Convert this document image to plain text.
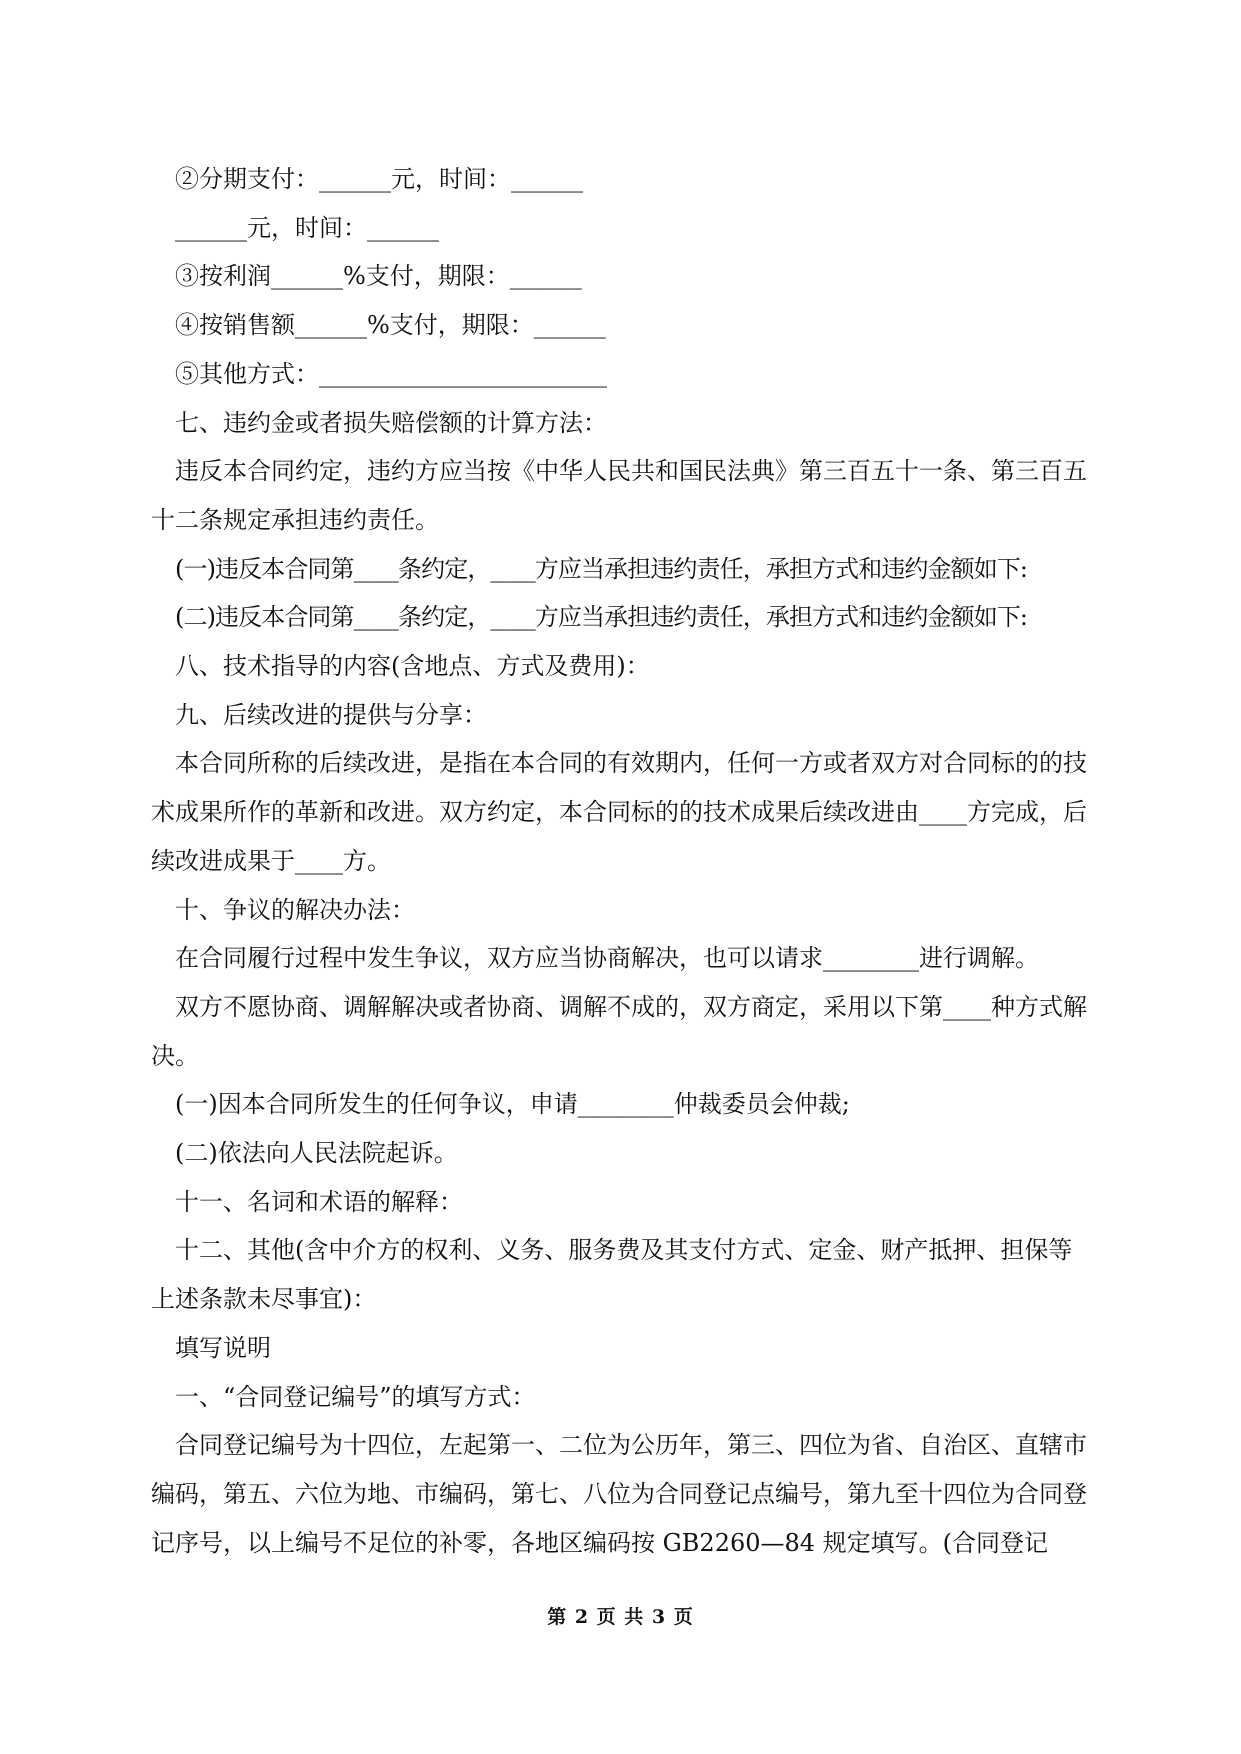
②分期支付：______元，时间：______

______元，时间：______

③按利润______%支付，期限：______

④按销售额______%支付，期限：______

⑤其他方式：________________________

七、违约金或者损失赔偿额的计算方法：

违反本合同约定，违约方应当按《中华人民共和国民法典》第三百五十一条、第三百五十二条规定承担违约责任。

(一)违反本合同第____条约定，____方应当承担违约责任，承担方式和违约金额如下:

(二)违反本合同第____条约定，____方应当承担违约责任，承担方式和违约金额如下:

八、技术指导的内容(含地点、方式及费用)：

九、后续改进的提供与分享：

本合同所称的后续改进，是指在本合同的有效期内，任何一方或者双方对合同标的的技术成果所作的革新和改进。双方约定，本合同标的的技术成果后续改进由____方完成，后续改进成果于____方。

十、争议的解决办法：

在合同履行过程中发生争议，双方应当协商解决，也可以请求________进行调解。

双方不愿协商、调解解决或者协商、调解不成的，双方商定，采用以下第____种方式解决。

(一)因本合同所发生的任何争议，申请________仲裁委员会仲裁;

(二)依法向人民法院起诉。

十一、名词和术语的解释：

十二、其他(含中介方的权利、义务、服务费及其支付方式、定金、财产抵押、担保等上述条款未尽事宜)：

填写说明

一、“合同登记编号”的填写方式：

合同登记编号为十四位，左起第一、二位为公历年，第三、四位为省、自治区、直辖市编码，第五、六位为地、市编码，第七、八位为合同登记点编号，第九至十四位为合同登记序号，以上编号不足位的补零，各地区编码按 GB2260—84 规定填写。(合同登记

第 2 页 共 3 页
